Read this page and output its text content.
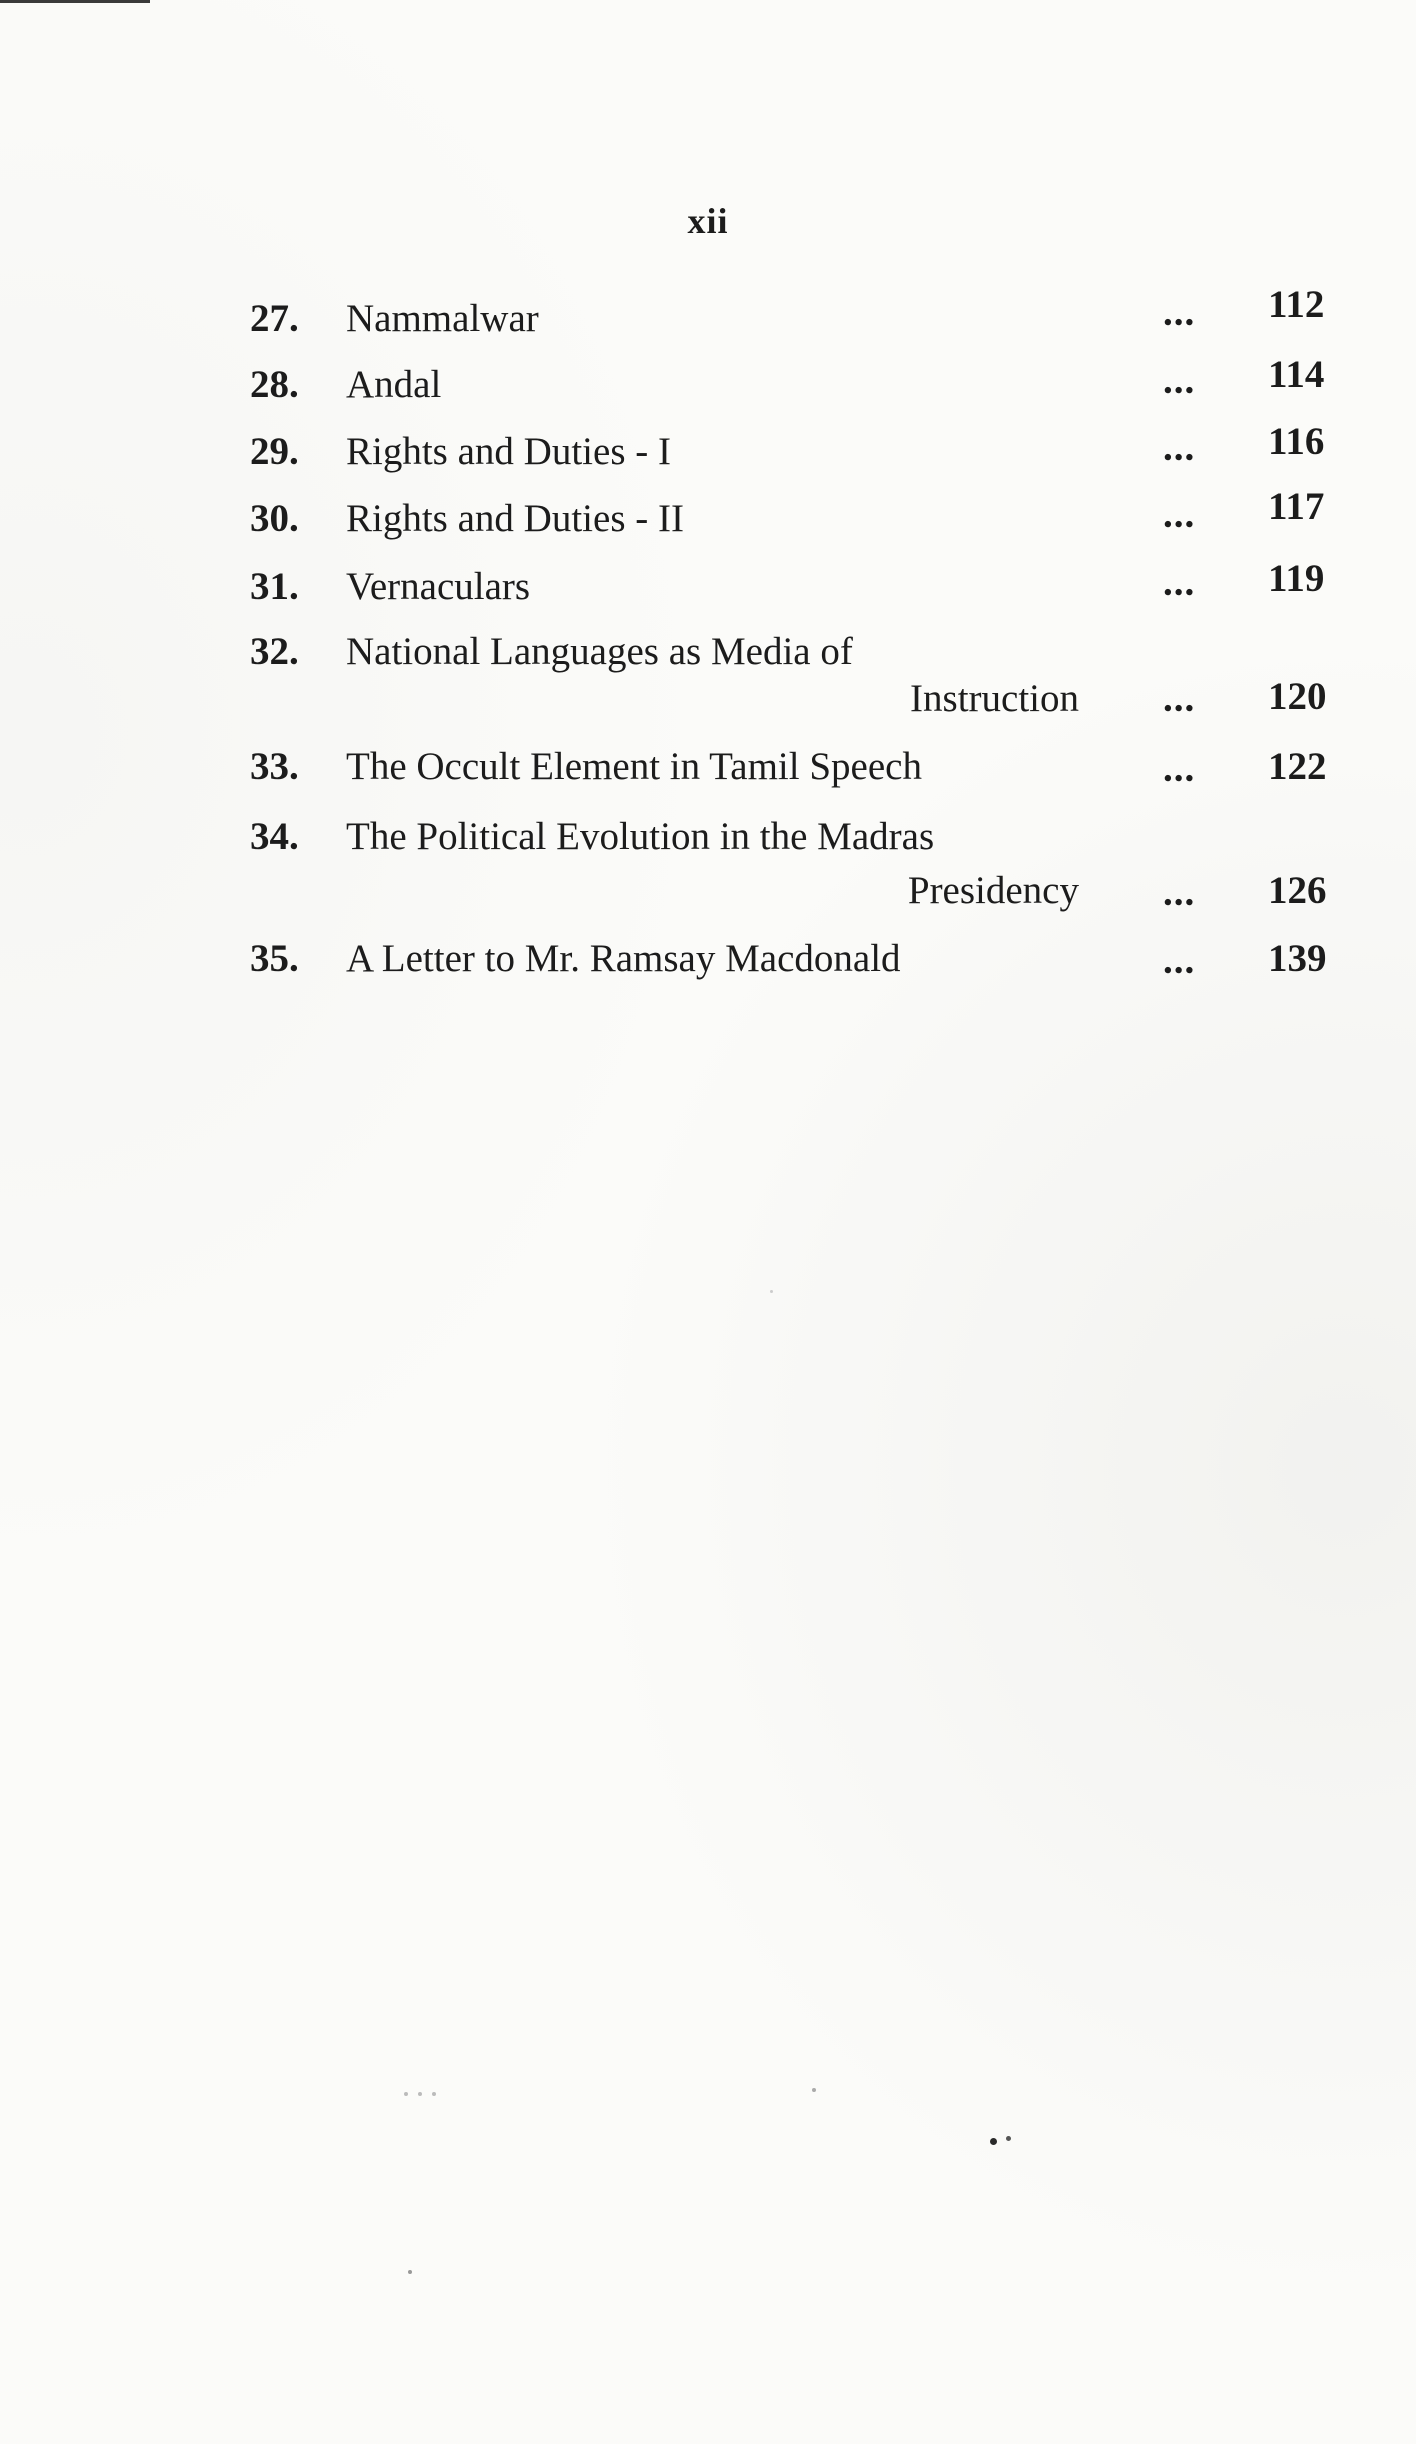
xii
27. Nammalwar	... 112
28. Andal	... 114
29. Rights and Duties - I	... 116
30. Rights and Duties - II	... 117
31. Vernaculars	... 119
32. National Languages as Media of
Instruction ... 120
33. The Occult Element in Tamil Speech	... 122
34. The Political Evolution in the Madras
Presidency ... 126
35. A Letter to Mr. Ramsay Macdonald	... 139
